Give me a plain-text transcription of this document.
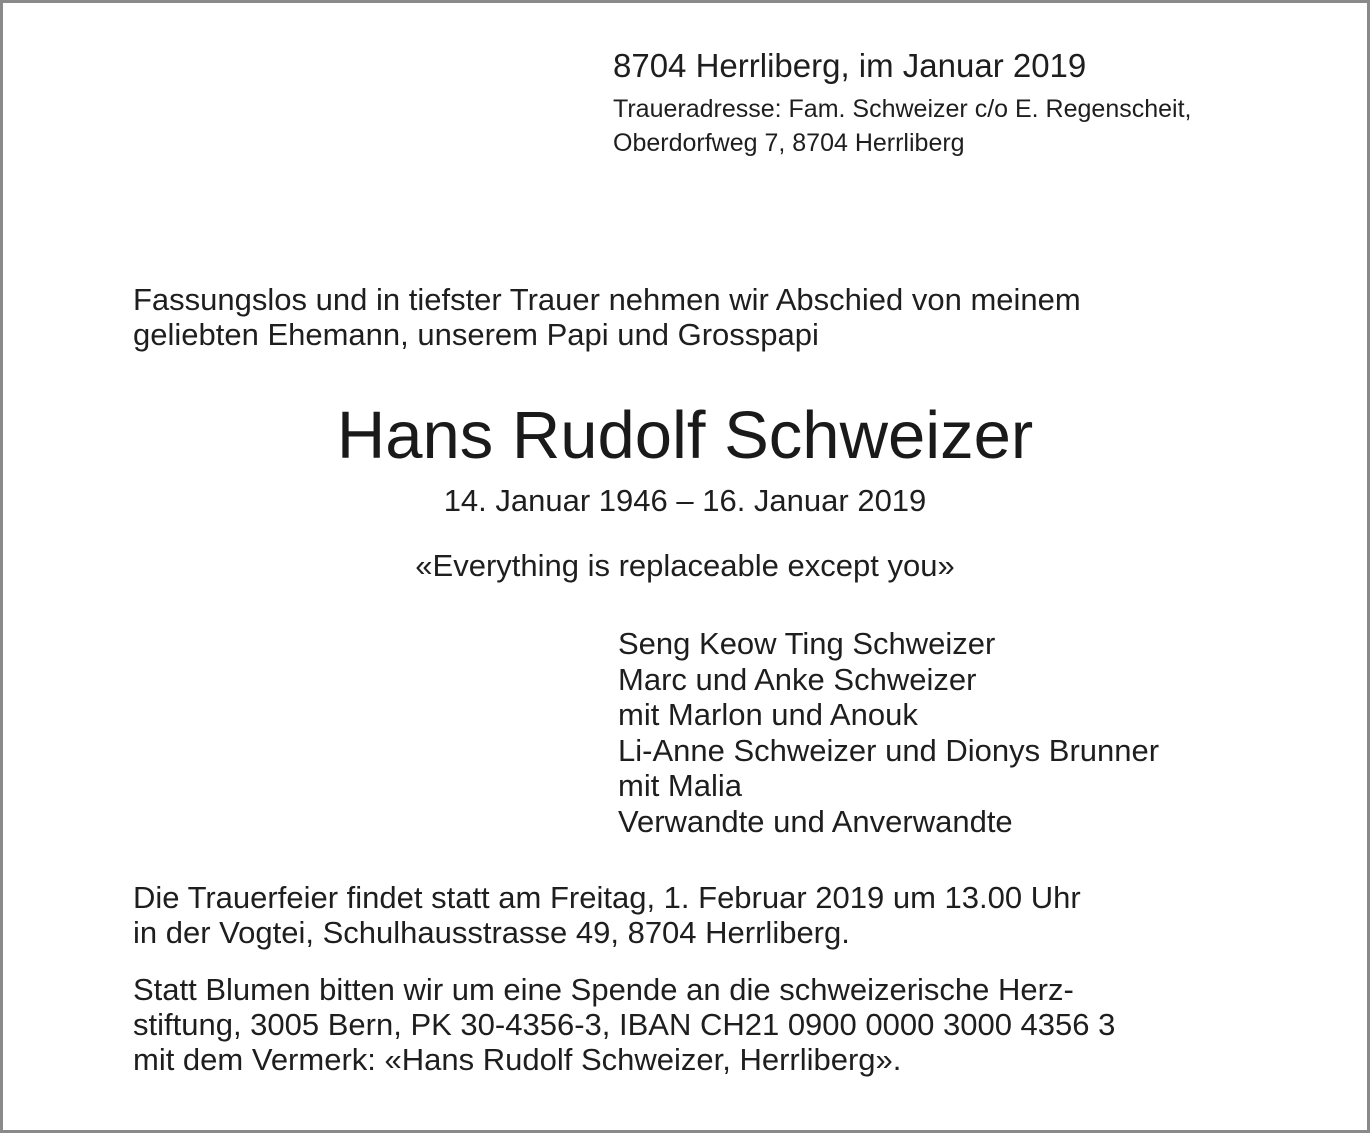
8704 Herrliberg, im Januar 2019

Traueradresse: Fam. Schweizer c/o E. Regenscheit,

Oberdorfweg 7, 8704 Herrliberg

Fassungslos und in tiefster Trauer nehmen wir Abschied von meinem
geliebten Ehemann, unserem Papi und Grosspapi

Hans Rudolf Schweizer

14. Januar 1946 – 16. Januar 2019

«Everything is replaceable except you»

Seng Keow Ting Schweizer
Marc und Anke Schweizer
mit Marlon und Anouk
Li-Anne Schweizer und Dionys Brunner
mit Malia
Verwandte und Anverwandte

Die Trauerfeier findet statt am Freitag, 1. Februar 2019 um 13.00 Uhr
in der Vogtei, Schulhausstrasse 49, 8704 Herrliberg.

Statt Blumen bitten wir um eine Spende an die schweizerische Herz-
stiftung, 3005 Bern, PK 30-4356-3, IBAN CH21 0900 0000 3000 4356 3
mit dem Vermerk: «Hans Rudolf Schweizer, Herrliberg».
